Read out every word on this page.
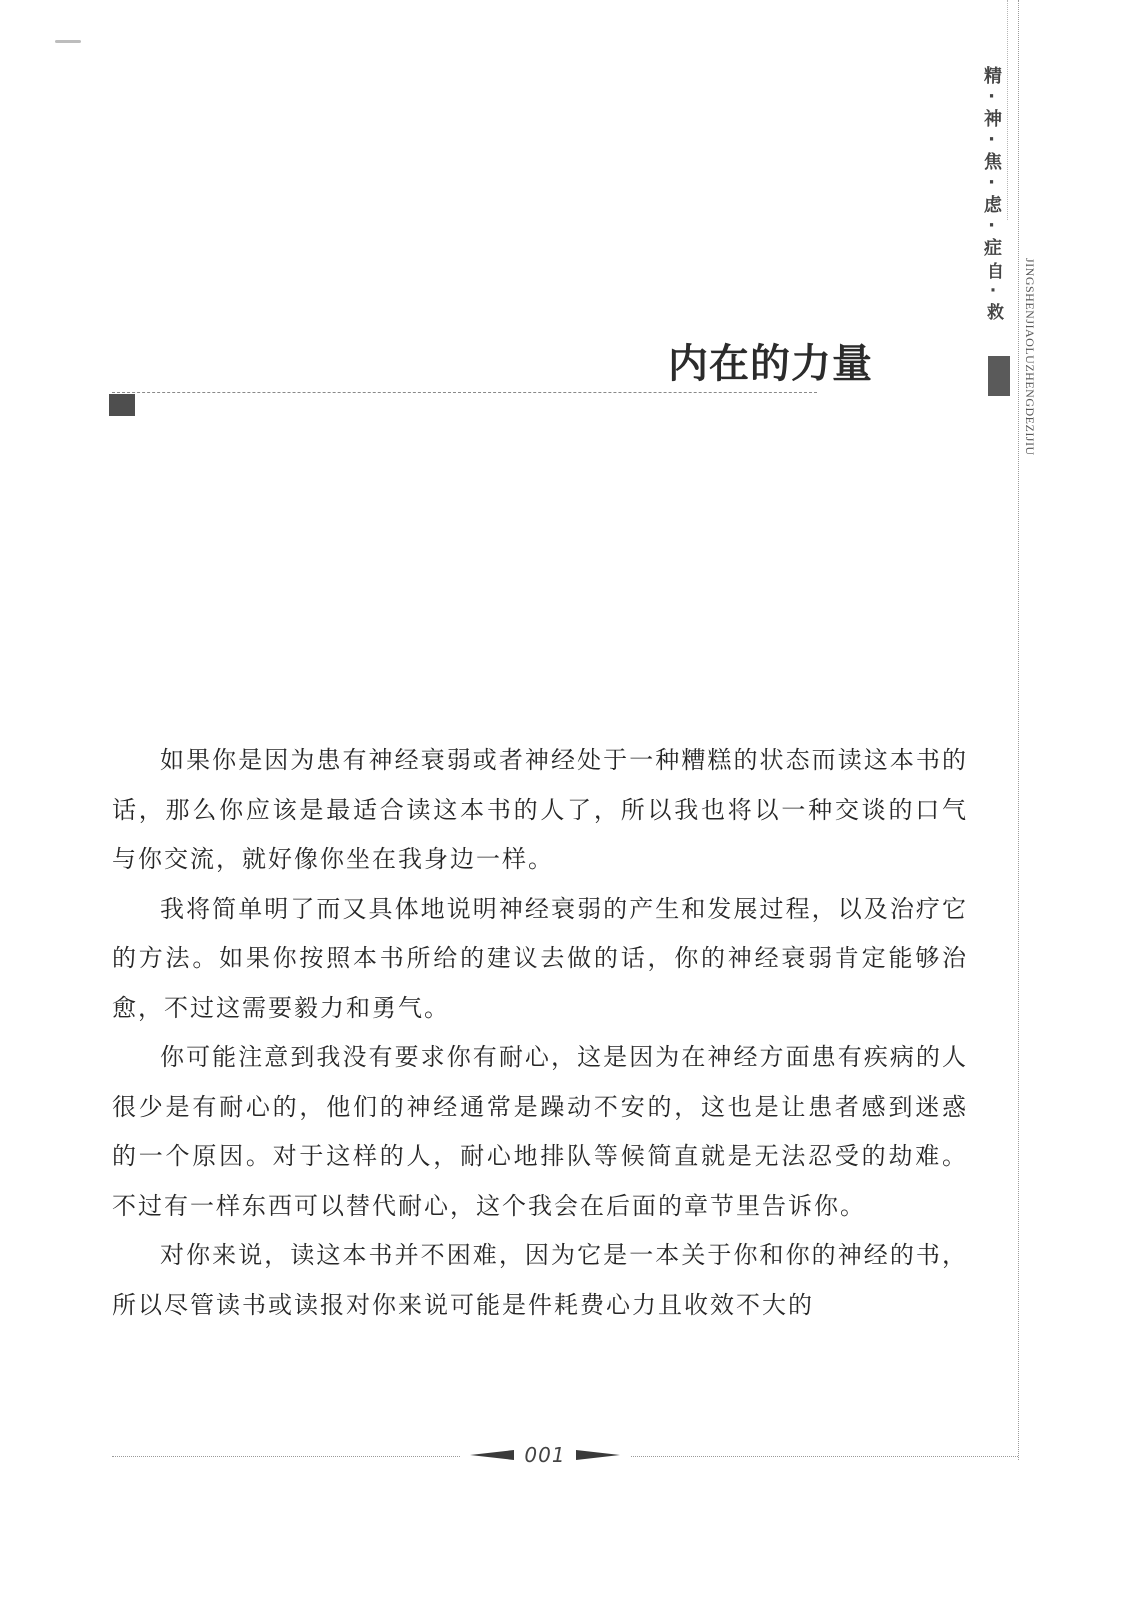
精·神·焦·虑·症
自·救 JINGSHENJIAOLUZHENGDEZIJIU
内在的力量

如果你是因为患有神经衰弱或者神经处于一种糟糕的状态而读这本书的话，那么你应该是最适合读这本书的人了，所以我也将以一种交谈的口气与你交流，就好像你坐在我身边一样。

我将简单明了而又具体地说明神经衰弱的产生和发展过程，以及治疗它的方法。如果你按照本书所给的建议去做的话，你的神经衰弱肯定能够治愈，不过这需要毅力和勇气。

你可能注意到我没有要求你有耐心，这是因为在神经方面患有疾病的人很少是有耐心的，他们的神经通常是躁动不安的，这也是让患者感到迷惑的一个原因。对于这样的人，耐心地排队等候简直就是无法忍受的劫难。不过有一样东西可以替代耐心，这个我会在后面的章节里告诉你。

对你来说，读这本书并不困难，因为它是一本关于你和你的神经的书，所以尽管读书或读报对你来说可能是件耗费心力且收效不大的

001
